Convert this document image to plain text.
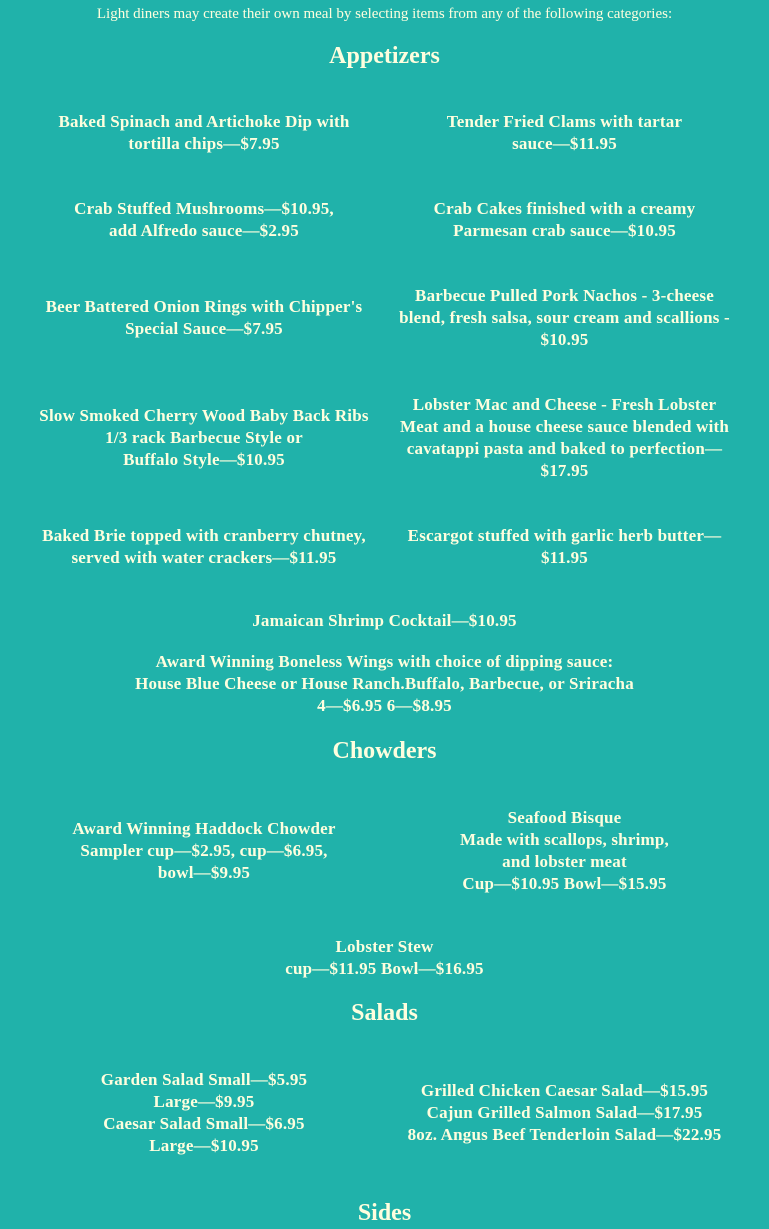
Light diners may create their own meal by selecting items from any of the following categories:
Appetizers
Baked Spinach and Artichoke Dip with
tortilla chips—$7.95
Tender Fried Clams with tartar
sauce—$11.95
Crab Stuffed Mushrooms—$10.95,
add Alfredo sauce—$2.95
Crab Cakes finished with a creamy
Parmesan crab sauce—$10.95
Beer Battered Onion Rings with Chipper's
Special Sauce—$7.95
Barbecue Pulled Pork Nachos - 3-cheese
blend, fresh salsa, sour cream and scallions -
$10.95
Slow Smoked Cherry Wood Baby Back Ribs
1/3 rack Barbecue Style or
Buffalo Style—$10.95
Lobster Mac and Cheese - Fresh Lobster
Meat and a house cheese sauce blended with
cavatappi pasta and baked to perfection—
$17.95
Baked Brie topped with cranberry chutney,
served with water crackers—$11.95
Escargot stuffed with garlic herb butter—
$11.95
Jamaican Shrimp Cocktail—$10.95
Award Winning Boneless Wings with choice of dipping sauce:
House Blue Cheese or House Ranch.Buffalo, Barbecue, or Sriracha
4—$6.95 6—$8.95
Chowders
Award Winning Haddock Chowder
Sampler cup—$2.95, cup—$6.95,
bowl—$9.95
Seafood Bisque
Made with scallops, shrimp,
and lobster meat
Cup—$10.95 Bowl—$15.95
Lobster Stew
cup—$11.95 Bowl—$16.95
Salads
Garden Salad Small—$5.95
Large—$9.95
Caesar Salad Small—$6.95
Large—$10.95
Grilled Chicken Caesar Salad—$15.95
Cajun Grilled Salmon Salad—$17.95
8oz. Angus Beef Tenderloin Salad—$22.95
Sides
